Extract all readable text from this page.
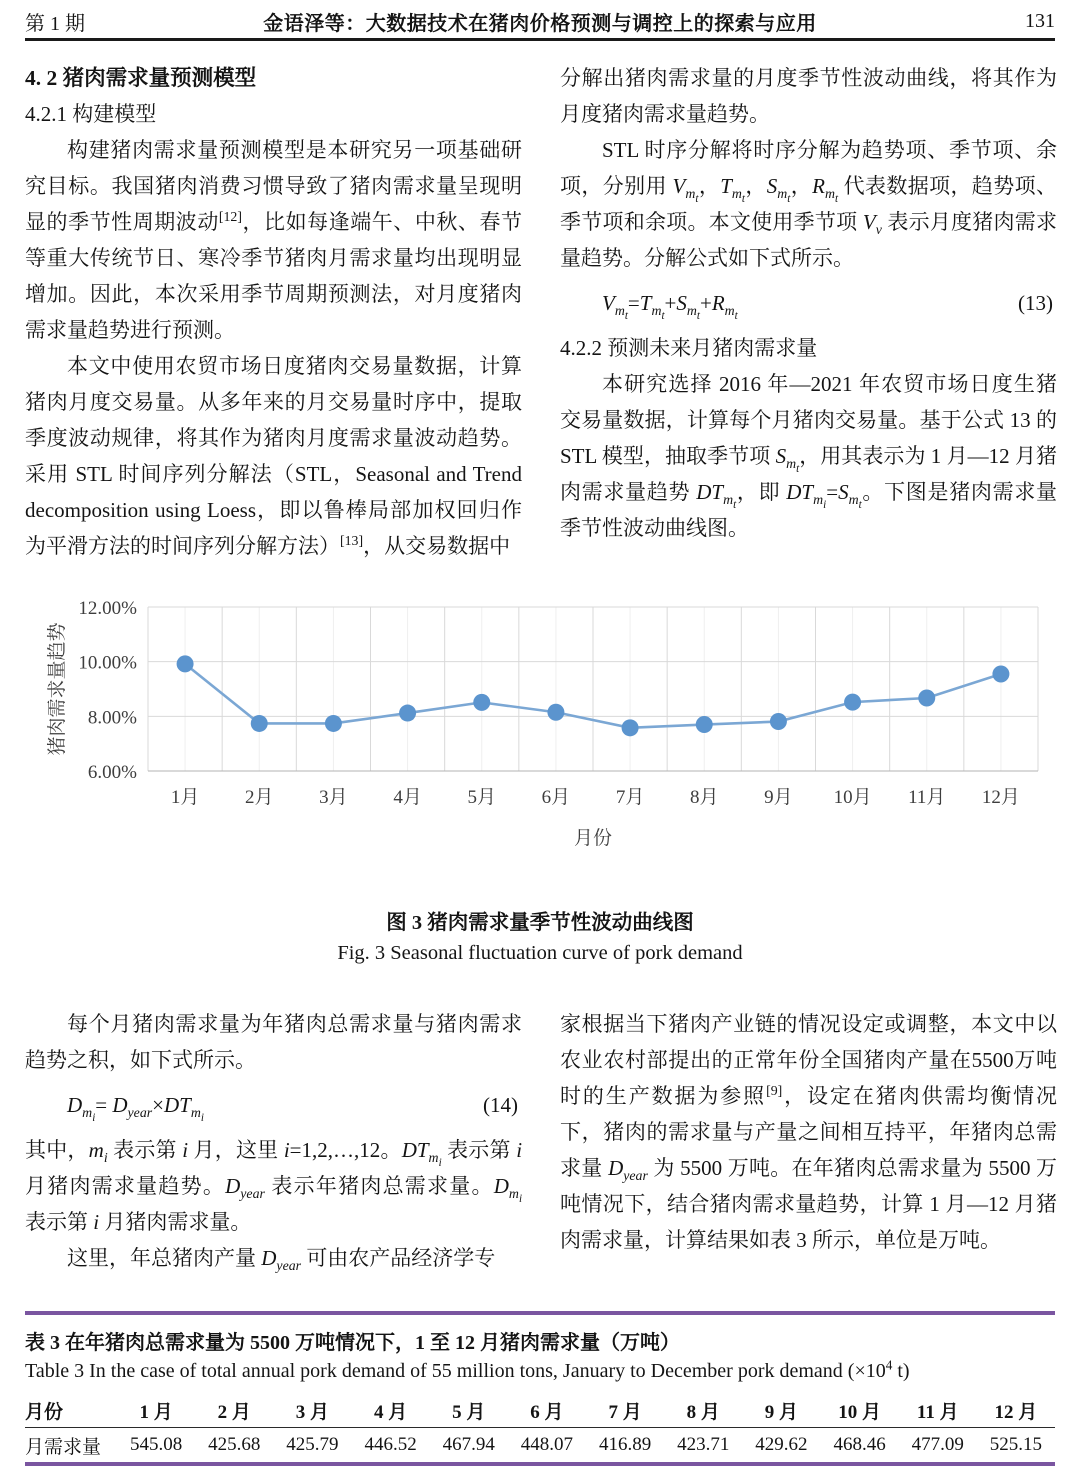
第 1 期	金语泽等：大数据技术在猪肉价格预测与调控上的探索与应用	131
4. 2 猪肉需求量预测模型
4.2.1 构建模型

构建猪肉需求量预测模型是本研究另一项基础研究目标。我国猪肉消费习惯导致了猪肉需求量呈现明显的季节性周期波动[12]，比如每逢端午、中秋、春节等重大传统节日、寒冷季节猪肉月需求量均出现明显增加。因此，本次采用季节周期预测法，对月度猪肉需求量趋势进行预测。

本文中使用农贸市场日度猪肉交易量数据，计算猪肉月度交易量。从多年来的月交易量时序中，提取季度波动规律，将其作为猪肉月度需求量波动趋势。采用 STL 时间序列分解法（STL，Seasonal and Trend decomposition using Loess，即以鲁棒局部加权回归作为平滑方法的时间序列分解方法）[13]，从交易数据中

分解出猪肉需求量的月度季节性波动曲线，将其作为月度猪肉需求量趋势。

STL 时序分解将时序分解为趋势项、季节项、余项，分别用 $V_{m_t}$，$T_{m_t}$，$S_{m_t}$，$R_{m_t}$ 代表数据项，趋势项、季节项和余项。本文使用季节项 $V_v$ 表示月度猪肉需求量趋势。分解公式如下式所示。

$V_{m_t}=T_{m_t}+S_{m_t}+R_{m_t}$
(13)
4.2.2 预测未来月猪肉需求量

本研究选择 2016 年—2021 年农贸市场日度生猪交易量数据，计算每个月猪肉交易量。基于公式 13 的 STL 模型，抽取季节项 $S_{m_t}$，用其表示为 1 月—12 月猪肉需求量趋势 $DT_{m_t}$，即 $DT_{m_i}=S_{m_t}$。下图是猪肉需求量季节性波动曲线图。

6.00%
8.00%
10.00%
12.00%
1月 2月 3月 4月 5月 6月 7月 8月 9月 10月 11月 12月
月份
猪肉需求量趋势
图 3 猪肉需求量季节性波动曲线图
Fig. 3 Seasonal fluctuation curve of pork demand

每个月猪肉需求量为年猪肉总需求量与猪肉需求趋势之积，如下式所示。

$D_{m_i}= D_{year}\times DT_{m_i}$
(14)

其中，$m_i$ 表示第 i 月，这里 i=1,2,…,12。$DT_{m_i}$ 表示第 i 月猪肉需求量趋势。$D_{year}$ 表示年猪肉总需求量。$D_{m_i}$ 表示第 i 月猪肉需求量。

这里，年总猪肉产量 $D_{year}$ 可由农产品经济学专

家根据当下猪肉产业链的情况设定或调整，本文中以农业农村部提出的正常年份全国猪肉产量在5500万吨时的生产数据为参照[9]，设定在猪肉供需均衡情况下，猪肉的需求量与产量之间相互持平，年猪肉总需求量 $D_{year}$ 为 5500 万吨。在年猪肉总需求量为 5500 万吨情况下，结合猪肉需求量趋势，计算 1 月—12 月猪肉需求量，计算结果如表 3 所示，单位是万吨。

表 3 在年猪肉总需求量为 5500 万吨情况下，1 至 12 月猪肉需求量（万吨）
Table 3 In the case of total annual pork demand of 55 million tons, January to December pork demand ($\times 10^4$ t)
月份	1 月	2 月	3 月	4 月	5 月	6 月	7 月	8 月	9 月	10 月	11 月	12 月
月需求量	545.08	425.68	425.79	446.52	467.94	448.07	416.89	423.71	429.62	468.46	477.09	525.15
